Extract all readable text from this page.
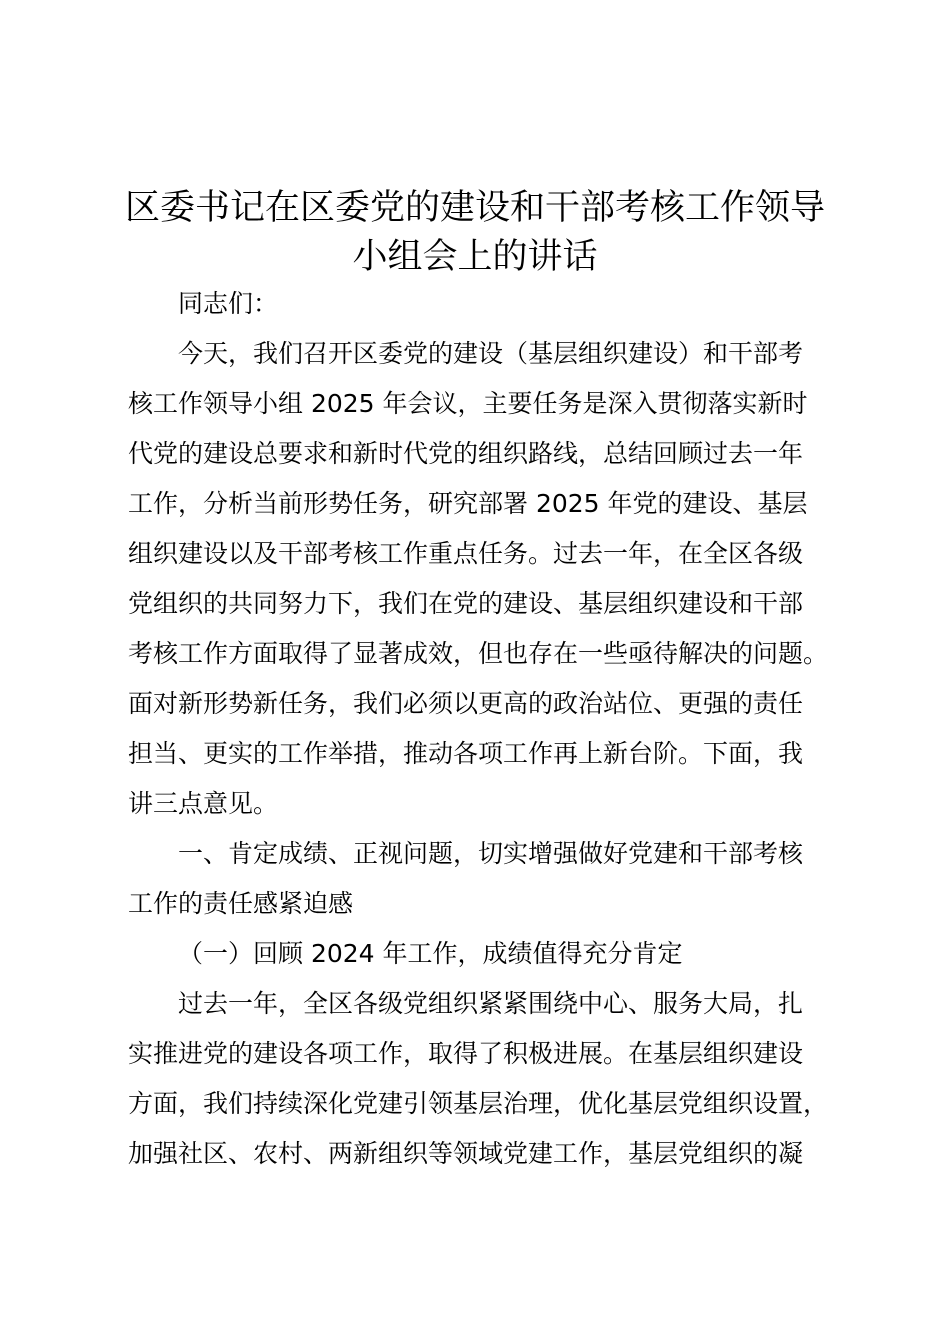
区委书记在区委党的建设和干部考核工作领导
小组会上的讲话
同志们：
今天，我们召开区委党的建设（基层组织建设）和干部考
核工作领导小组 2025 年会议，主要任务是深入贯彻落实新时
代党的建设总要求和新时代党的组织路线，总结回顾过去一年
工作，分析当前形势任务，研究部署 2025 年党的建设、基层
组织建设以及干部考核工作重点任务。过去一年，在全区各级
党组织的共同努力下，我们在党的建设、基层组织建设和干部
考核工作方面取得了显著成效，但也存在一些亟待解决的问题。
面对新形势新任务，我们必须以更高的政治站位、更强的责任
担当、更实的工作举措，推动各项工作再上新台阶。下面，我
讲三点意见。
一、肯定成绩、正视问题，切实增强做好党建和干部考核
工作的责任感紧迫感
（一）回顾 2024 年工作，成绩值得充分肯定
过去一年，全区各级党组织紧紧围绕中心、服务大局，扎
实推进党的建设各项工作，取得了积极进展。在基层组织建设
方面，我们持续深化党建引领基层治理，优化基层党组织设置，
加强社区、农村、两新组织等领域党建工作，基层党组织的凝
